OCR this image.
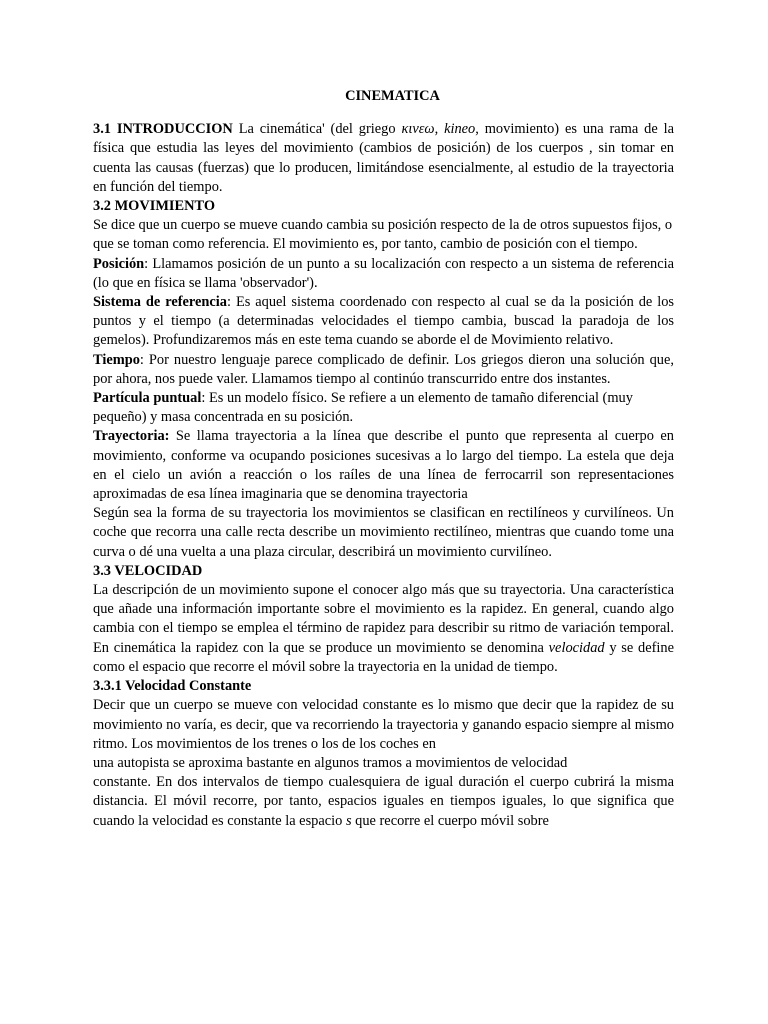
CINEMATICA

3.1 INTRODUCCION La cinemática' (del griego κινεω, kineo, movimiento) es una rama de la física que estudia las leyes del movimiento (cambios de posición) de los cuerpos , sin tomar en cuenta las causas (fuerzas) que lo producen, limitándose esencialmente, al estudio de la trayectoria en función del tiempo.

3.2 MOVIMIENTO

Se dice que un cuerpo se mueve cuando cambia su posición respecto de la de otros supuestos fijos, o que se toman como referencia. El movimiento es, por tanto, cambio de posición con el tiempo.

Posición: Llamamos posición de un punto a su localización con respecto a un sistema de referencia (lo que en física se llama 'observador').

Sistema de referencia: Es aquel sistema coordenado con respecto al cual se da la posición de los puntos y el tiempo (a determinadas velocidades el tiempo cambia, buscad la paradoja de los gemelos). Profundizaremos más en este tema cuando se aborde el de Movimiento relativo.

Tiempo: Por nuestro lenguaje parece complicado de definir. Los griegos dieron una solución que, por ahora, nos puede valer. Llamamos tiempo al continúo transcurrido entre dos instantes.

Partícula puntual: Es un modelo físico. Se refiere a un elemento de tamaño diferencial (muy pequeño) y masa concentrada en su posición.

Trayectoria: Se llama trayectoria a la línea que describe el punto que representa al cuerpo en movimiento, conforme va ocupando posiciones sucesivas a lo largo del tiempo. La estela que deja en el cielo un avión a reacción o los raíles de una línea de ferrocarril son representaciones aproximadas de esa línea imaginaria que se denomina trayectoria

Según sea la forma de su trayectoria los movimientos se clasifican en rectilíneos y curvilíneos. Un coche que recorra una calle recta describe un movimiento rectilíneo, mientras que cuando tome una curva o dé una vuelta a una plaza circular, describirá un movimiento curvilíneo.

3.3 VELOCIDAD

La descripción de un movimiento supone el conocer algo más que su trayectoria. Una característica que añade una información importante sobre el movimiento es la rapidez. En general, cuando algo cambia con el tiempo se emplea el término de rapidez para describir su ritmo de variación temporal. En cinemática la rapidez con la que se produce un movimiento se denomina velocidad y se define como el espacio que recorre el móvil sobre la trayectoria en la unidad de tiempo.

3.3.1 Velocidad Constante

Decir que un cuerpo se mueve con velocidad constante es lo mismo que decir que la rapidez de su movimiento no varía, es decir, que va recorriendo la trayectoria y ganando espacio siempre al mismo ritmo. Los movimientos de los trenes o los de los coches en

una autopista se aproxima bastante en algunos tramos a movimientos de velocidad

constante. En dos intervalos de tiempo cualesquiera de igual duración el cuerpo cubrirá la misma distancia. El móvil recorre, por tanto, espacios iguales en tiempos iguales, lo que significa que cuando la velocidad es constante la espacio s que recorre el cuerpo móvil sobre
